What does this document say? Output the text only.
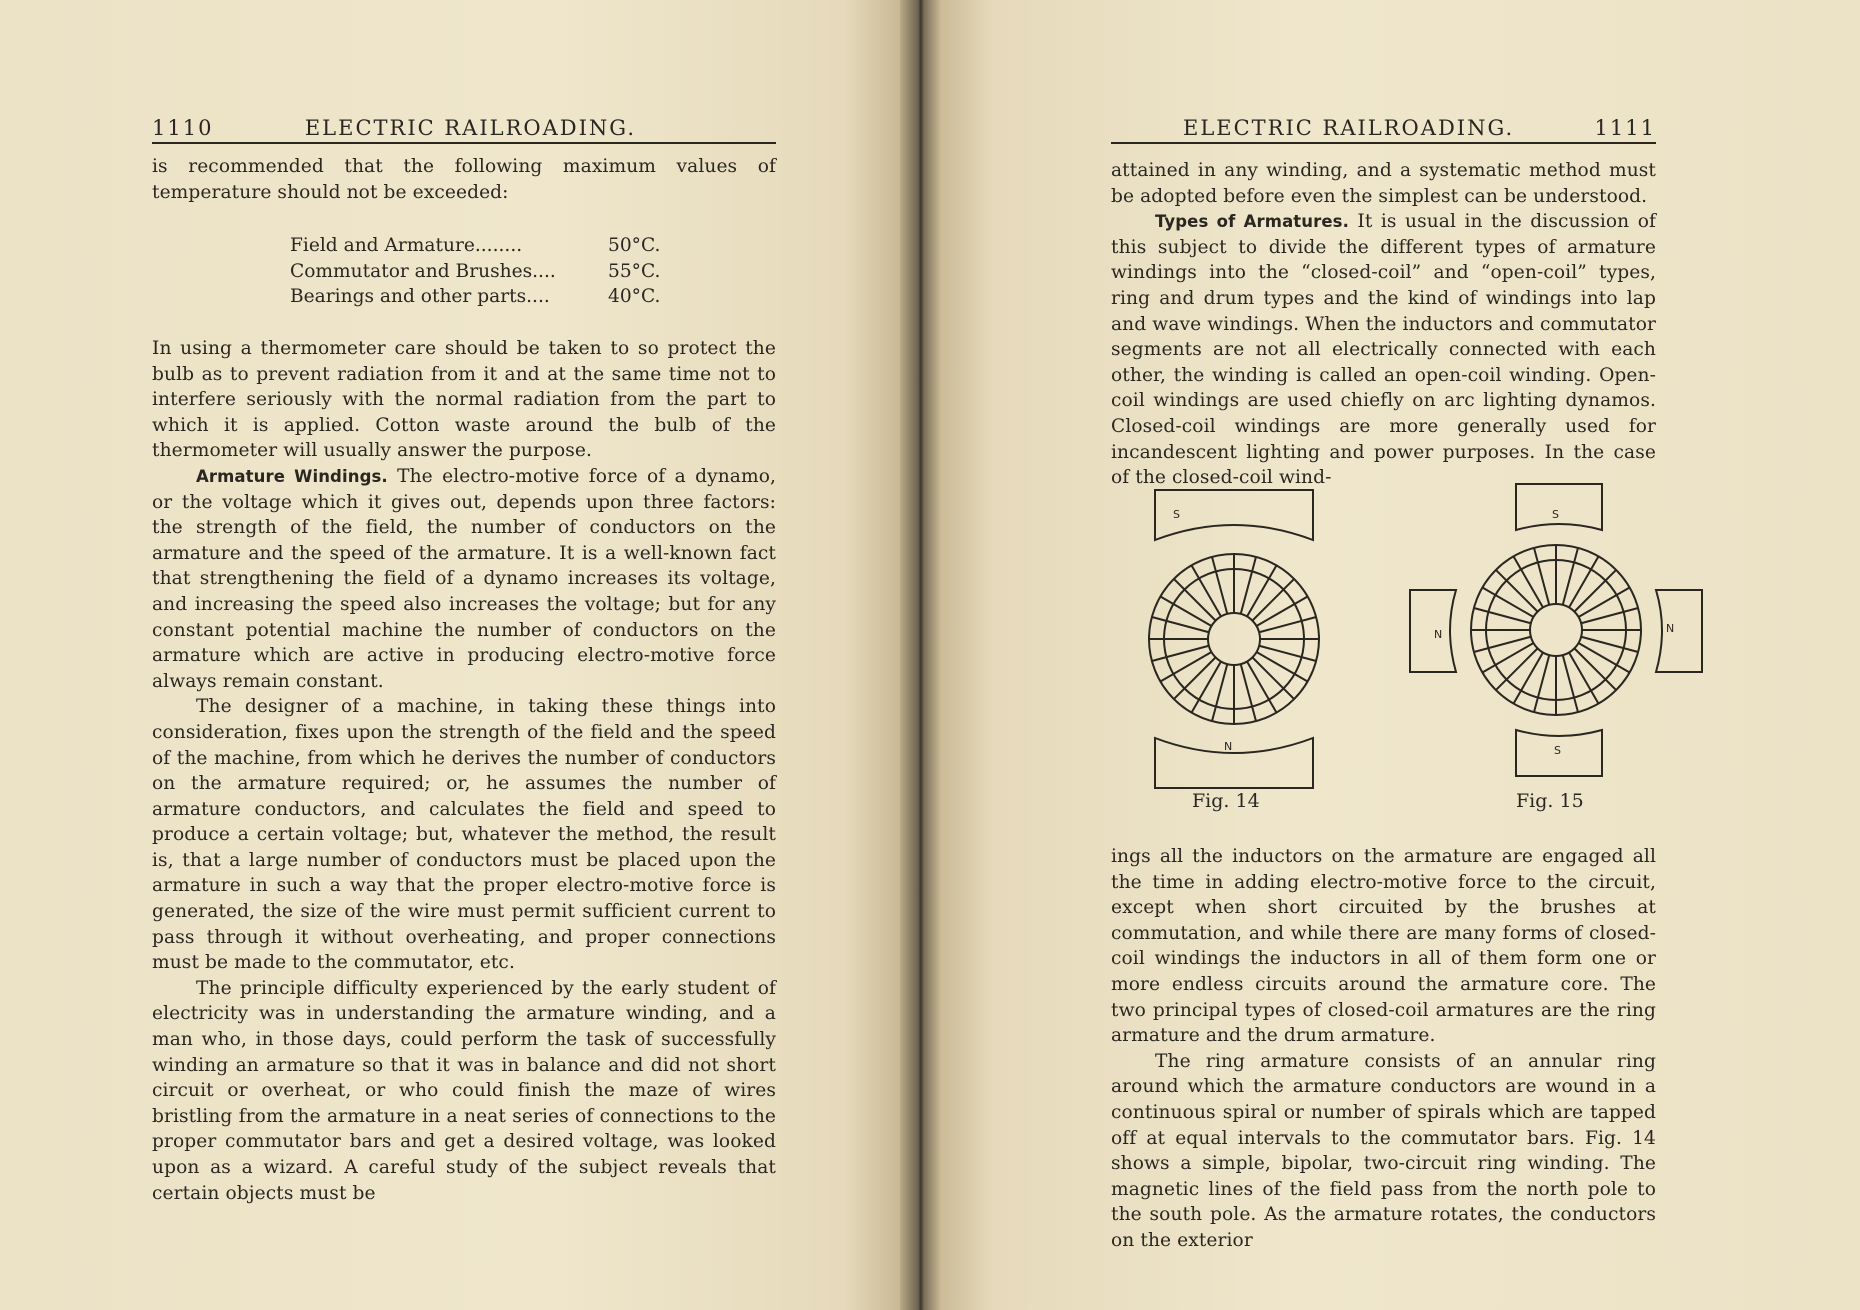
1110	ELECTRIC RAILROADING.

is recommended that the following maximum values of temperature should not be exceeded:

Field and Armature........	50°C.
Commutator and Brushes....	55°C.
Bearings and other parts....	40°C.

In using a thermometer care should be taken to so protect the bulb as to prevent radiation from it and at the same time not to interfere seriously with the normal radiation from the part to which it is applied. Cotton waste around the bulb of the thermometer will usually answer the purpose.

Armature Windings. The electro-motive force of a dynamo, or the voltage which it gives out, depends upon three factors: the strength of the field, the number of conductors on the armature and the speed of the armature. It is a well-known fact that strengthening the field of a dynamo increases its voltage, and increasing the speed also increases the voltage; but for any constant potential machine the number of conductors on the armature which are active in producing electro-motive force always remain constant.

The designer of a machine, in taking these things into consideration, fixes upon the strength of the field and the speed of the machine, from which he derives the number of conductors on the armature required; or, he assumes the number of armature conductors, and calculates the field and speed to produce a certain voltage; but, whatever the method, the result is, that a large number of conductors must be placed upon the armature in such a way that the proper electro-motive force is generated, the size of the wire must permit sufficient current to pass through it without overheating, and proper connections must be made to the commutator, etc.

The principle difficulty experienced by the early student of electricity was in understanding the armature winding, and a man who, in those days, could perform the task of successfully winding an armature so that it was in balance and did not short circuit or overheat, or who could finish the maze of wires bristling from the armature in a neat series of connections to the proper commutator bars and get a desired voltage, was looked upon as a wizard. A careful study of the subject reveals that certain objects must be

ELECTRIC RAILROADING.	1111

attained in any winding, and a systematic method must be adopted before even the simplest can be understood.

Types of Armatures. It is usual in the discussion of this subject to divide the different types of armature windings into the “closed-coil” and “open-coil” types, ring and drum types and the kind of windings into lap and wave windings. When the inductors and commutator segments are not all electrically connected with each other, the winding is called an open-coil winding. Open-coil windings are used chiefly on arc lighting dynamos. Closed-coil windings are more generally used for incandescent lighting and power purposes. In the case of the closed-coil wind-

S
N
Fig. 14
S
S
N	N
Fig. 15

ings all the inductors on the armature are engaged all the time in adding electro-motive force to the circuit, except when short circuited by the brushes at commutation, and while there are many forms of closed-coil windings the inductors in all of them form one or more endless circuits around the armature core. The two principal types of closed-coil armatures are the ring armature and the drum armature.

The ring armature consists of an annular ring around which the armature conductors are wound in a continuous spiral or number of spirals which are tapped off at equal intervals to the commutator bars. Fig. 14 shows a simple, bipolar, two-circuit ring winding. The magnetic lines of the field pass from the north pole to the south pole. As the armature rotates, the conductors on the exterior
